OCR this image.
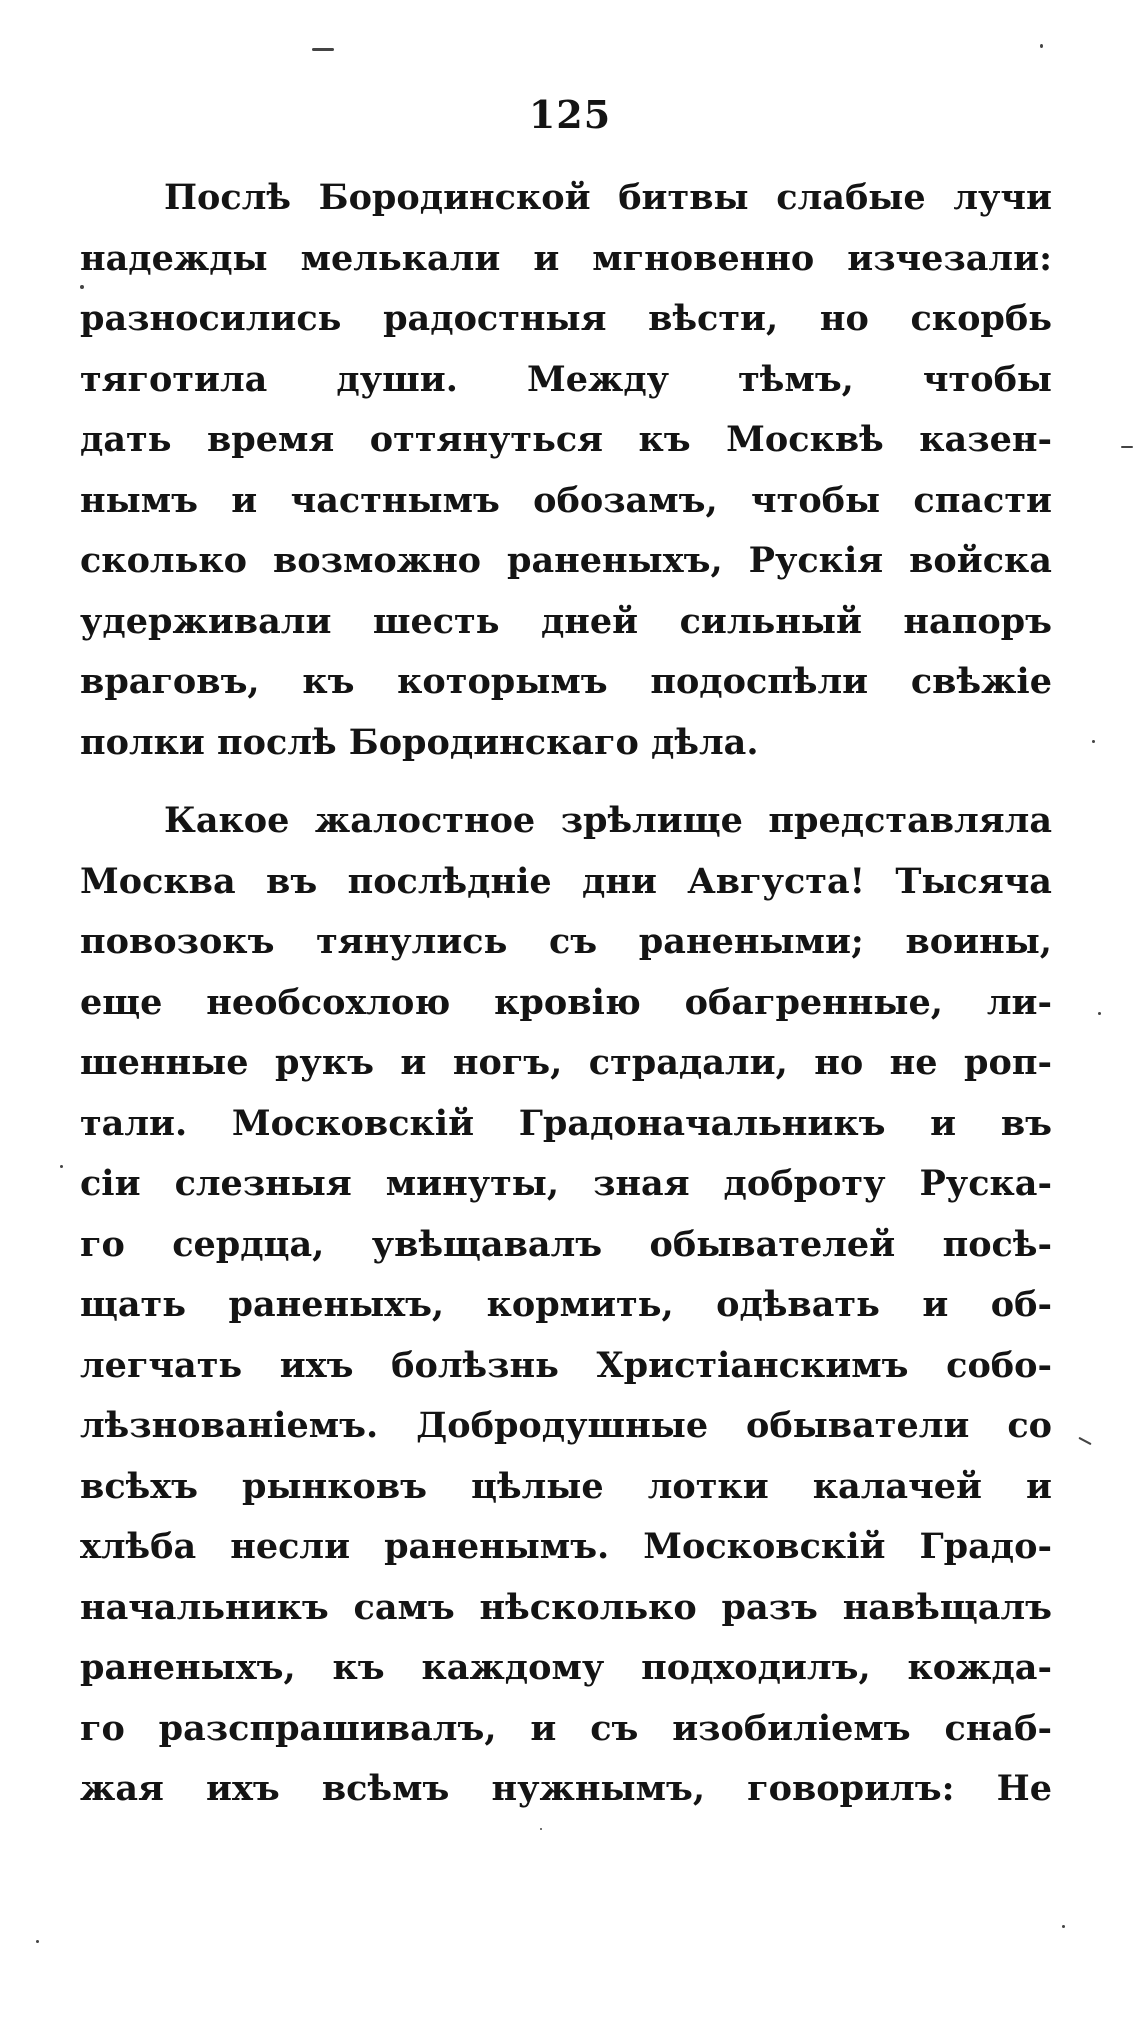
125
Послѣ Бородинской битвы слабые лучи
надежды мелькали и мгновенно изчезали:
разносились радостныя вѣсти, но скорбь
тяготила души. Между тѣмъ, чтобы
дать время оттянуться къ Москвѣ казен-
нымъ и частнымъ обозамъ, чтобы спасти
сколько возможно раненыхъ, Рускія войска
удерживали шесть дней сильный напоръ
враговъ, къ которымъ подоспѣли свѣжіе
полки послѣ Бородинскаго дѣла.
Какое жалостное зрѣлище представляла
Москва въ послѣдніе дни Августа! Тысяча
повозокъ тянулись съ ранеными; воины,
еще необсохлою кровію обагренные, ли-
шенные рукъ и ногъ, страдали, но не роп-
тали. Московскій Градоначальникъ и въ
сіи слезныя минуты, зная доброту Руска-
го сердца, увѣщавалъ обывателей посѣ-
щать раненыхъ, кормить, одѣвать и об-
легчать ихъ болѣзнь Христіанскимъ собо-
лѣзнованіемъ. Добродушные обыватели со
всѣхъ рынковъ цѣлые лотки калачей и
хлѣба несли раненымъ. Московскій Градо-
начальникъ самъ нѣсколько разъ навѣщалъ
раненыхъ, къ каждому подходилъ, кожда-
го разспрашивалъ, и съ изобиліемъ снаб-
жая ихъ всѣмъ нужнымъ, говорилъ: Не
